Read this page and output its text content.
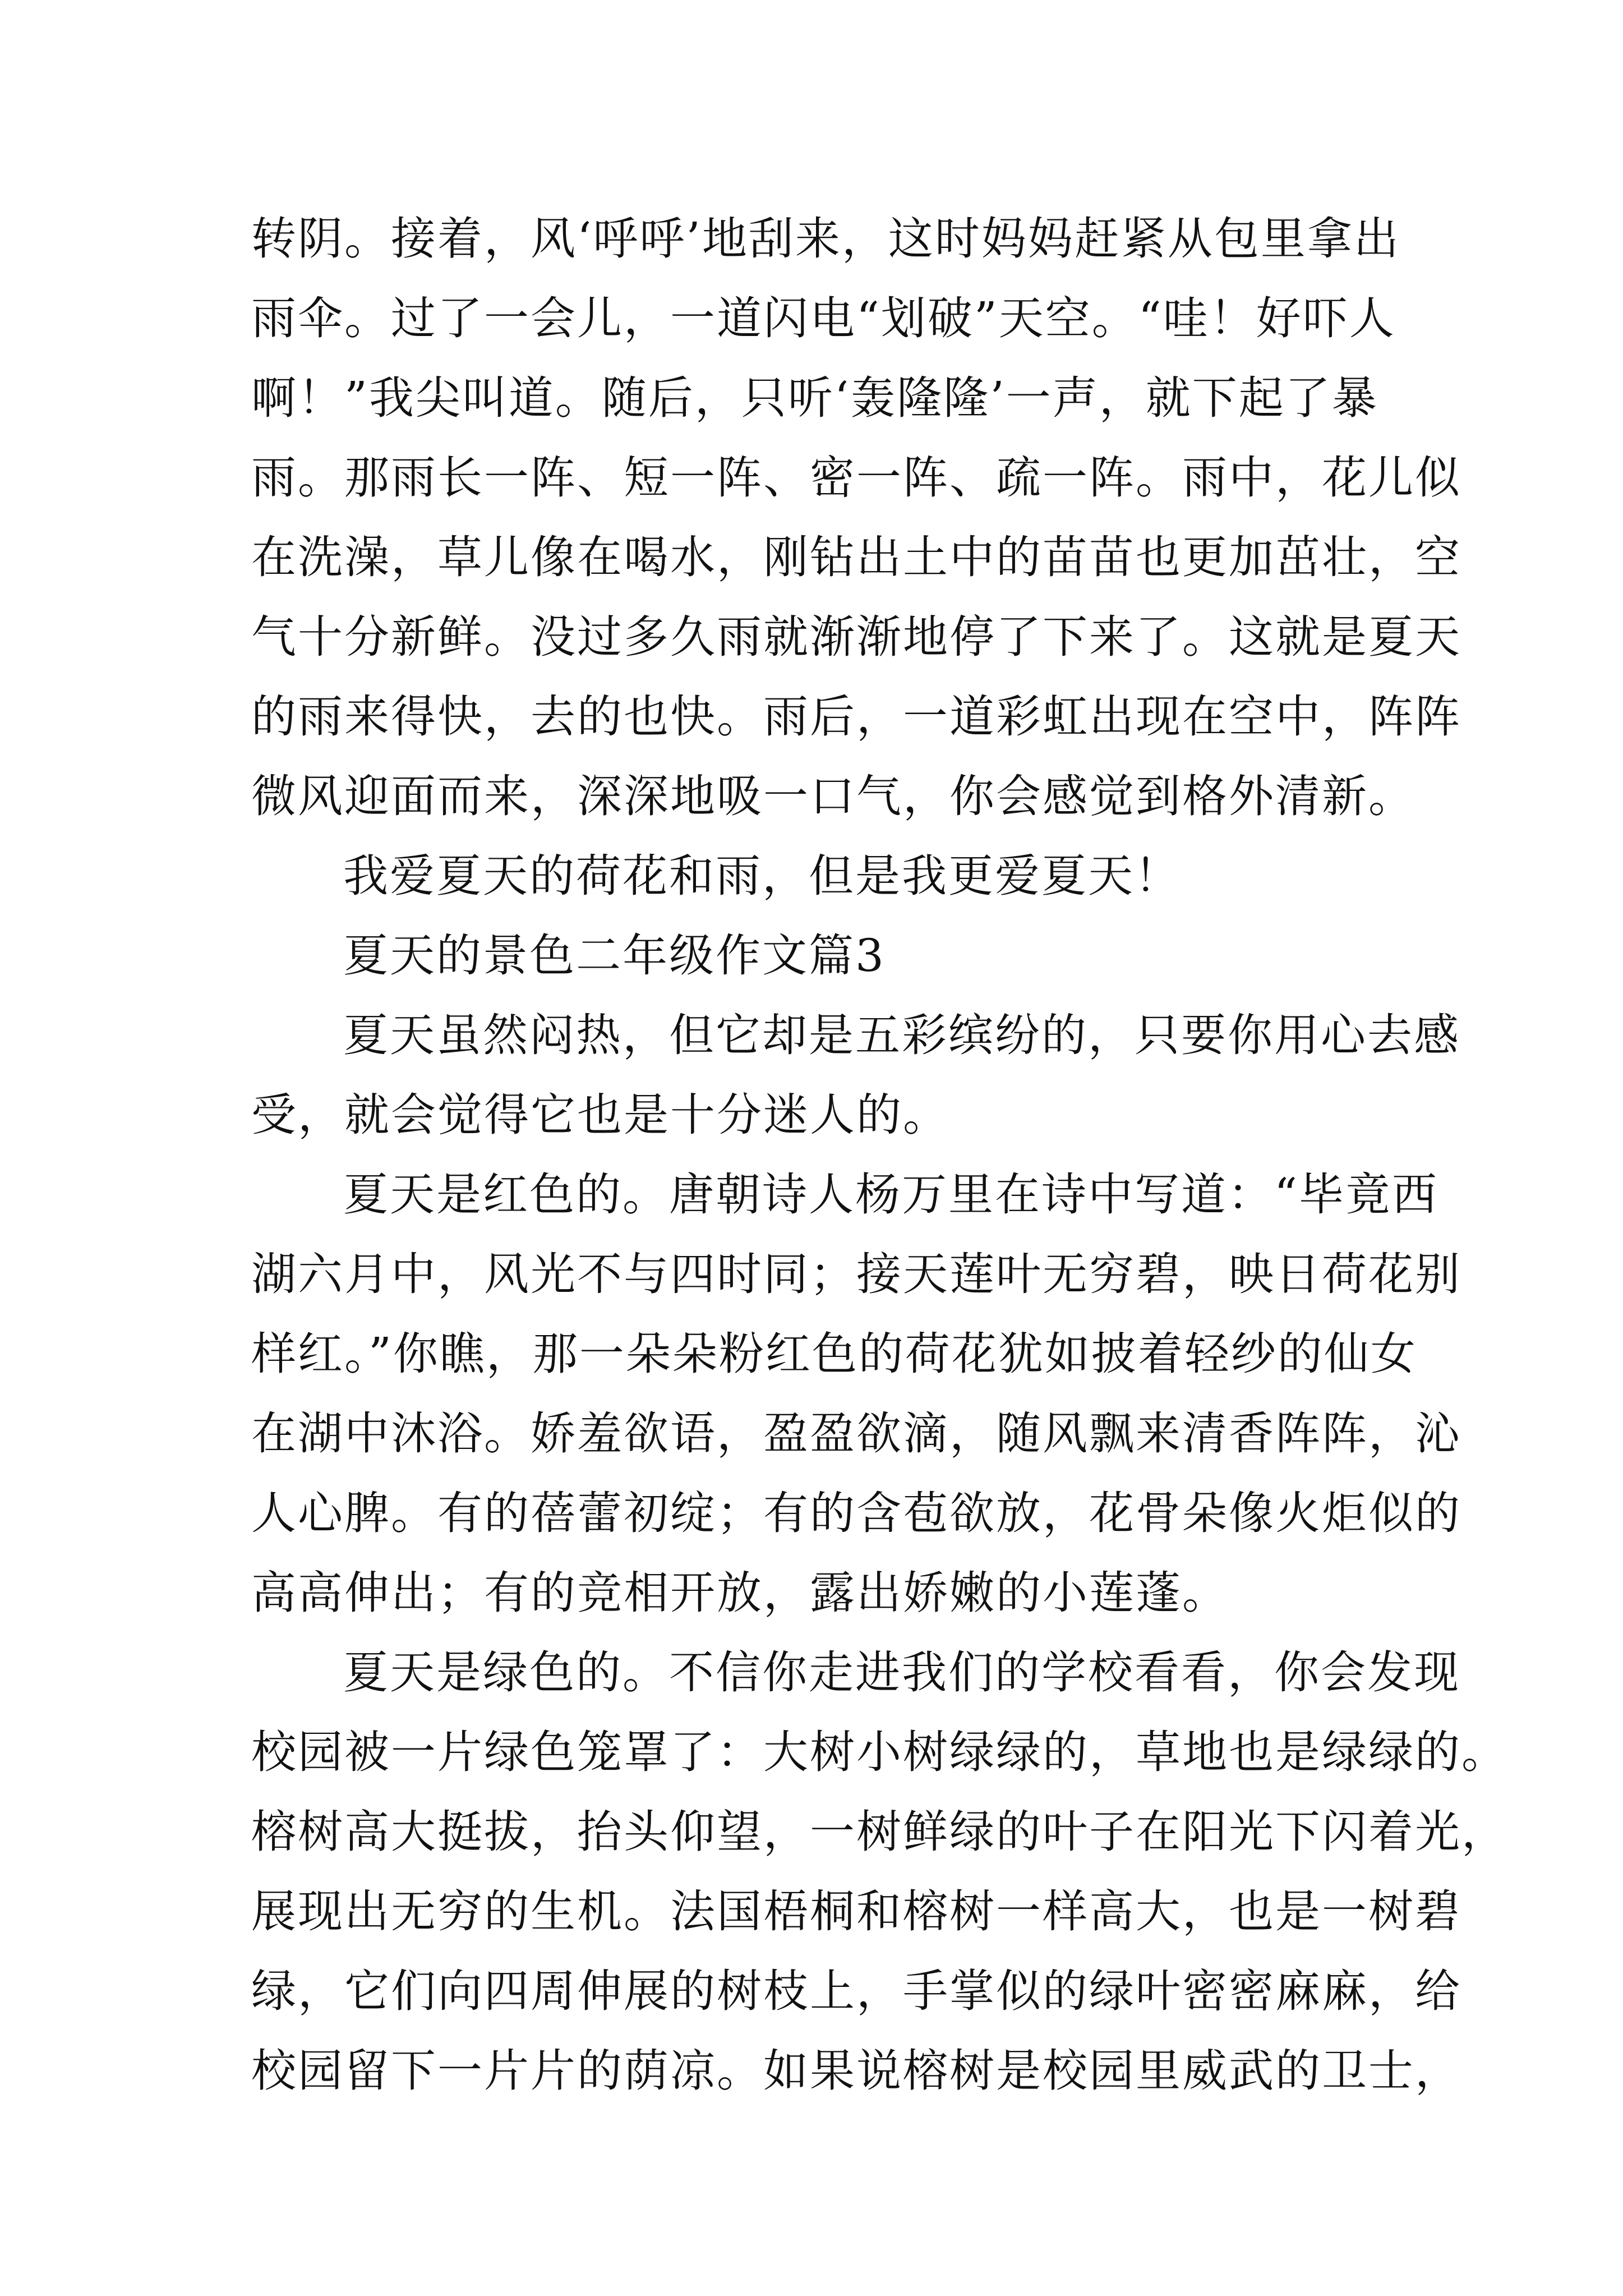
转阴。接着，风‘呼呼’地刮来，这时妈妈赶紧从包里拿出
雨伞。过了一会儿，一道闪电“划破”天空。“哇！好吓人
啊！”我尖叫道。随后，只听‘轰隆隆’一声，就下起了暴
雨。那雨长一阵、短一阵、密一阵、疏一阵。雨中，花儿似
在洗澡，草儿像在喝水，刚钻出土中的苗苗也更加茁壮，空
气十分新鲜。没过多久雨就渐渐地停了下来了。这就是夏天
的雨来得快，去的也快。雨后，一道彩虹出现在空中，阵阵
微风迎面而来，深深地吸一口气，你会感觉到格外清新。
我爱夏天的荷花和雨，但是我更爱夏天！
夏天的景色二年级作文篇3
夏天虽然闷热，但它却是五彩缤纷的，只要你用心去感
受，就会觉得它也是十分迷人的。
夏天是红色的。唐朝诗人杨万里在诗中写道：“毕竟西
湖六月中，风光不与四时同；接天莲叶无穷碧，映日荷花别
样红。”你瞧，那一朵朵粉红色的荷花犹如披着轻纱的仙女
在湖中沐浴。娇羞欲语，盈盈欲滴，随风飘来清香阵阵，沁
人心脾。有的蓓蕾初绽；有的含苞欲放，花骨朵像火炬似的
高高伸出；有的竞相开放，露出娇嫩的小莲蓬。
夏天是绿色的。不信你走进我们的学校看看，你会发现
校园被一片绿色笼罩了：大树小树绿绿的，草地也是绿绿的。
榕树高大挺拔，抬头仰望，一树鲜绿的叶子在阳光下闪着光，
展现出无穷的生机。法国梧桐和榕树一样高大，也是一树碧
绿，它们向四周伸展的树枝上，手掌似的绿叶密密麻麻，给
校园留下一片片的荫凉。如果说榕树是校园里威武的卫士，
